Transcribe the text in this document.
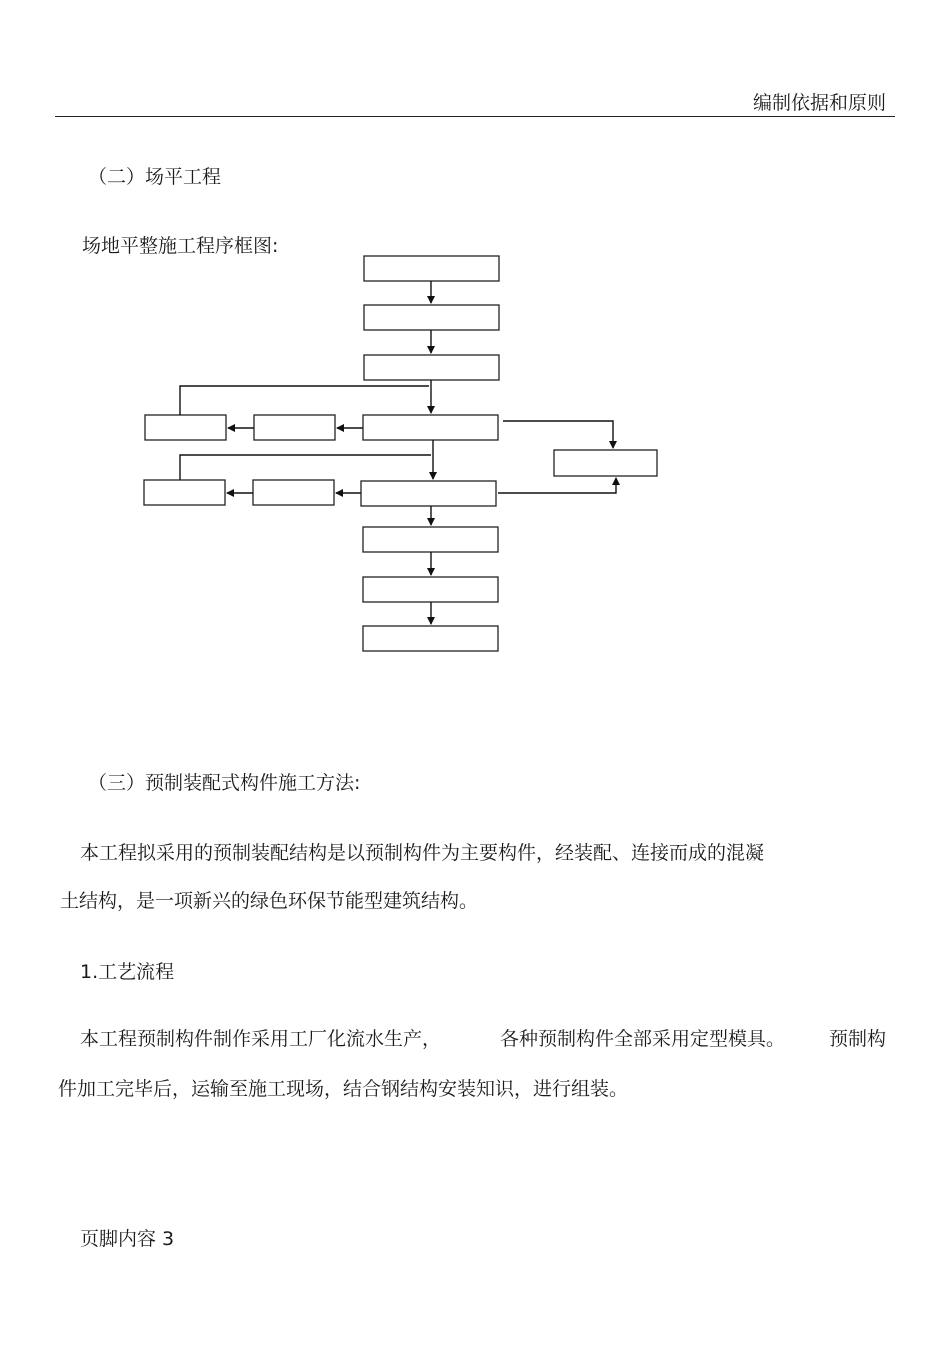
编制依据和原则
（二）场平工程
场地平整施工程序框图:
（三）预制装配式构件施工方法:
本工程拟采用的预制装配结构是以预制构件为主要构件，经装配、连接而成的混凝
土结构，是一项新兴的绿色环保节能型建筑结构。
1.工艺流程
本工程预制构件制作采用工厂化流水生产，	各种预制构件全部采用定型模具。 预制构
件加工完毕后，运输至施工现场，结合钢结构安装知识，进行组装。
页脚内容 3
